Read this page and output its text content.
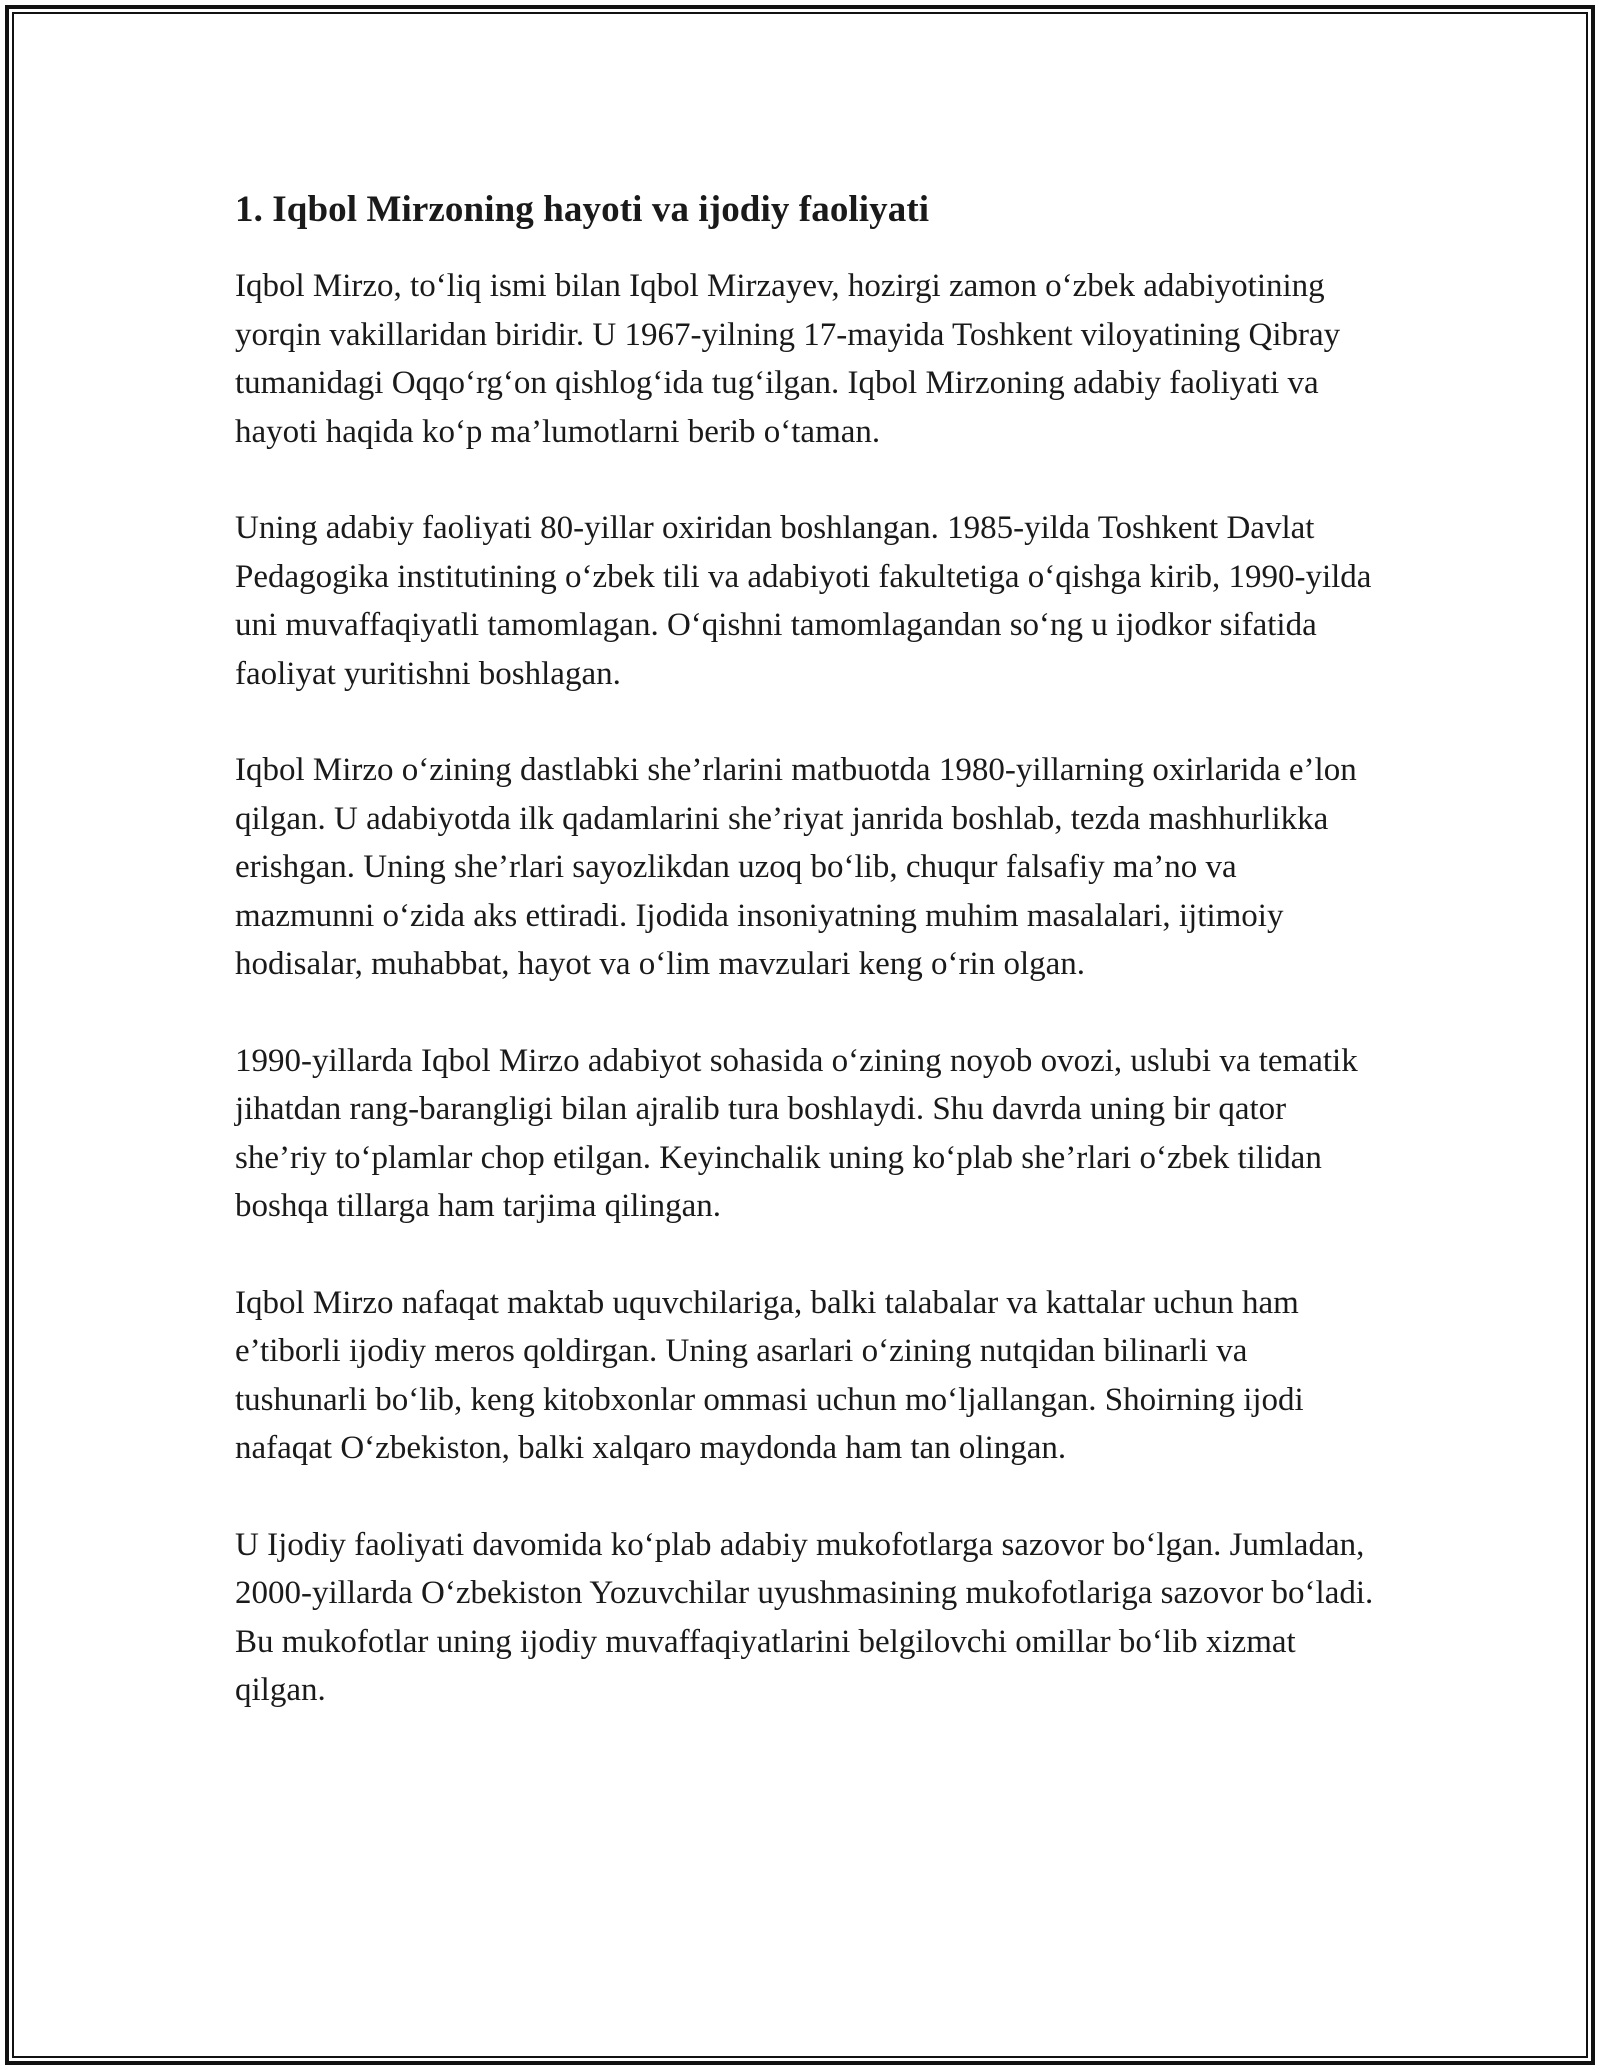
1. Iqbol Mirzoning hayoti va ijodiy faoliyati

Iqbol Mirzo, to‘liq ismi bilan Iqbol Mirzayev, hozirgi zamon o‘zbek adabiyotining yorqin vakillaridan biridir. U 1967-yilning 17-mayida Toshkent viloyatining Qibray tumanidagi Oqqo‘rg‘on qishlog‘ida tug‘ilgan. Iqbol Mirzoning adabiy faoliyati va hayoti haqida ko‘p ma’lumotlarni berib o‘taman.

Uning adabiy faoliyati 80-yillar oxiridan boshlangan. 1985-yilda Toshkent Davlat Pedagogika institutining o‘zbek tili va adabiyoti fakultetiga o‘qishga kirib, 1990-yilda uni muvaffaqiyatli tamomlagan. O‘qishni tamomlagandan so‘ng u ijodkor sifatida faoliyat yuritishni boshlagan.

Iqbol Mirzo o‘zining dastlabki she’rlarini matbuotda 1980-yillarning oxirlarida e’lon qilgan. U adabiyotda ilk qadamlarini she’riyat janrida boshlab, tezda mashhurlikka erishgan. Uning she’rlari sayozlikdan uzoq bo‘lib, chuqur falsafiy ma’no va mazmunni o‘zida aks ettiradi. Ijodida insoniyatning muhim masalalari, ijtimoiy hodisalar, muhabbat, hayot va o‘lim mavzulari keng o‘rin olgan.

1990-yillarda Iqbol Mirzo adabiyot sohasida o‘zining noyob ovozi, uslubi va tematik jihatdan rang-barangligi bilan ajralib tura boshlaydi. Shu davrda uning bir qator she’riy to‘plamlar chop etilgan. Keyinchalik uning ko‘plab she’rlari o‘zbek tilidan boshqa tillarga ham tarjima qilingan.

Iqbol Mirzo nafaqat maktab uquvchilariga, balki talabalar va kattalar uchun ham e’tiborli ijodiy meros qoldirgan. Uning asarlari o‘zining nutqidan bilinarli va tushunarli bo‘lib, keng kitobxonlar ommasi uchun mo‘ljallangan. Shoirning ijodi nafaqat O‘zbekiston, balki xalqaro maydonda ham tan olingan.

U Ijodiy faoliyati davomida ko‘plab adabiy mukofotlarga sazovor bo‘lgan. Jumladan, 2000-yillarda O‘zbekiston Yozuvchilar uyushmasining mukofotlariga sazovor bo‘ladi. Bu mukofotlar uning ijodiy muvaffaqiyatlarini belgilovchi omillar bo‘lib xizmat qilgan.
